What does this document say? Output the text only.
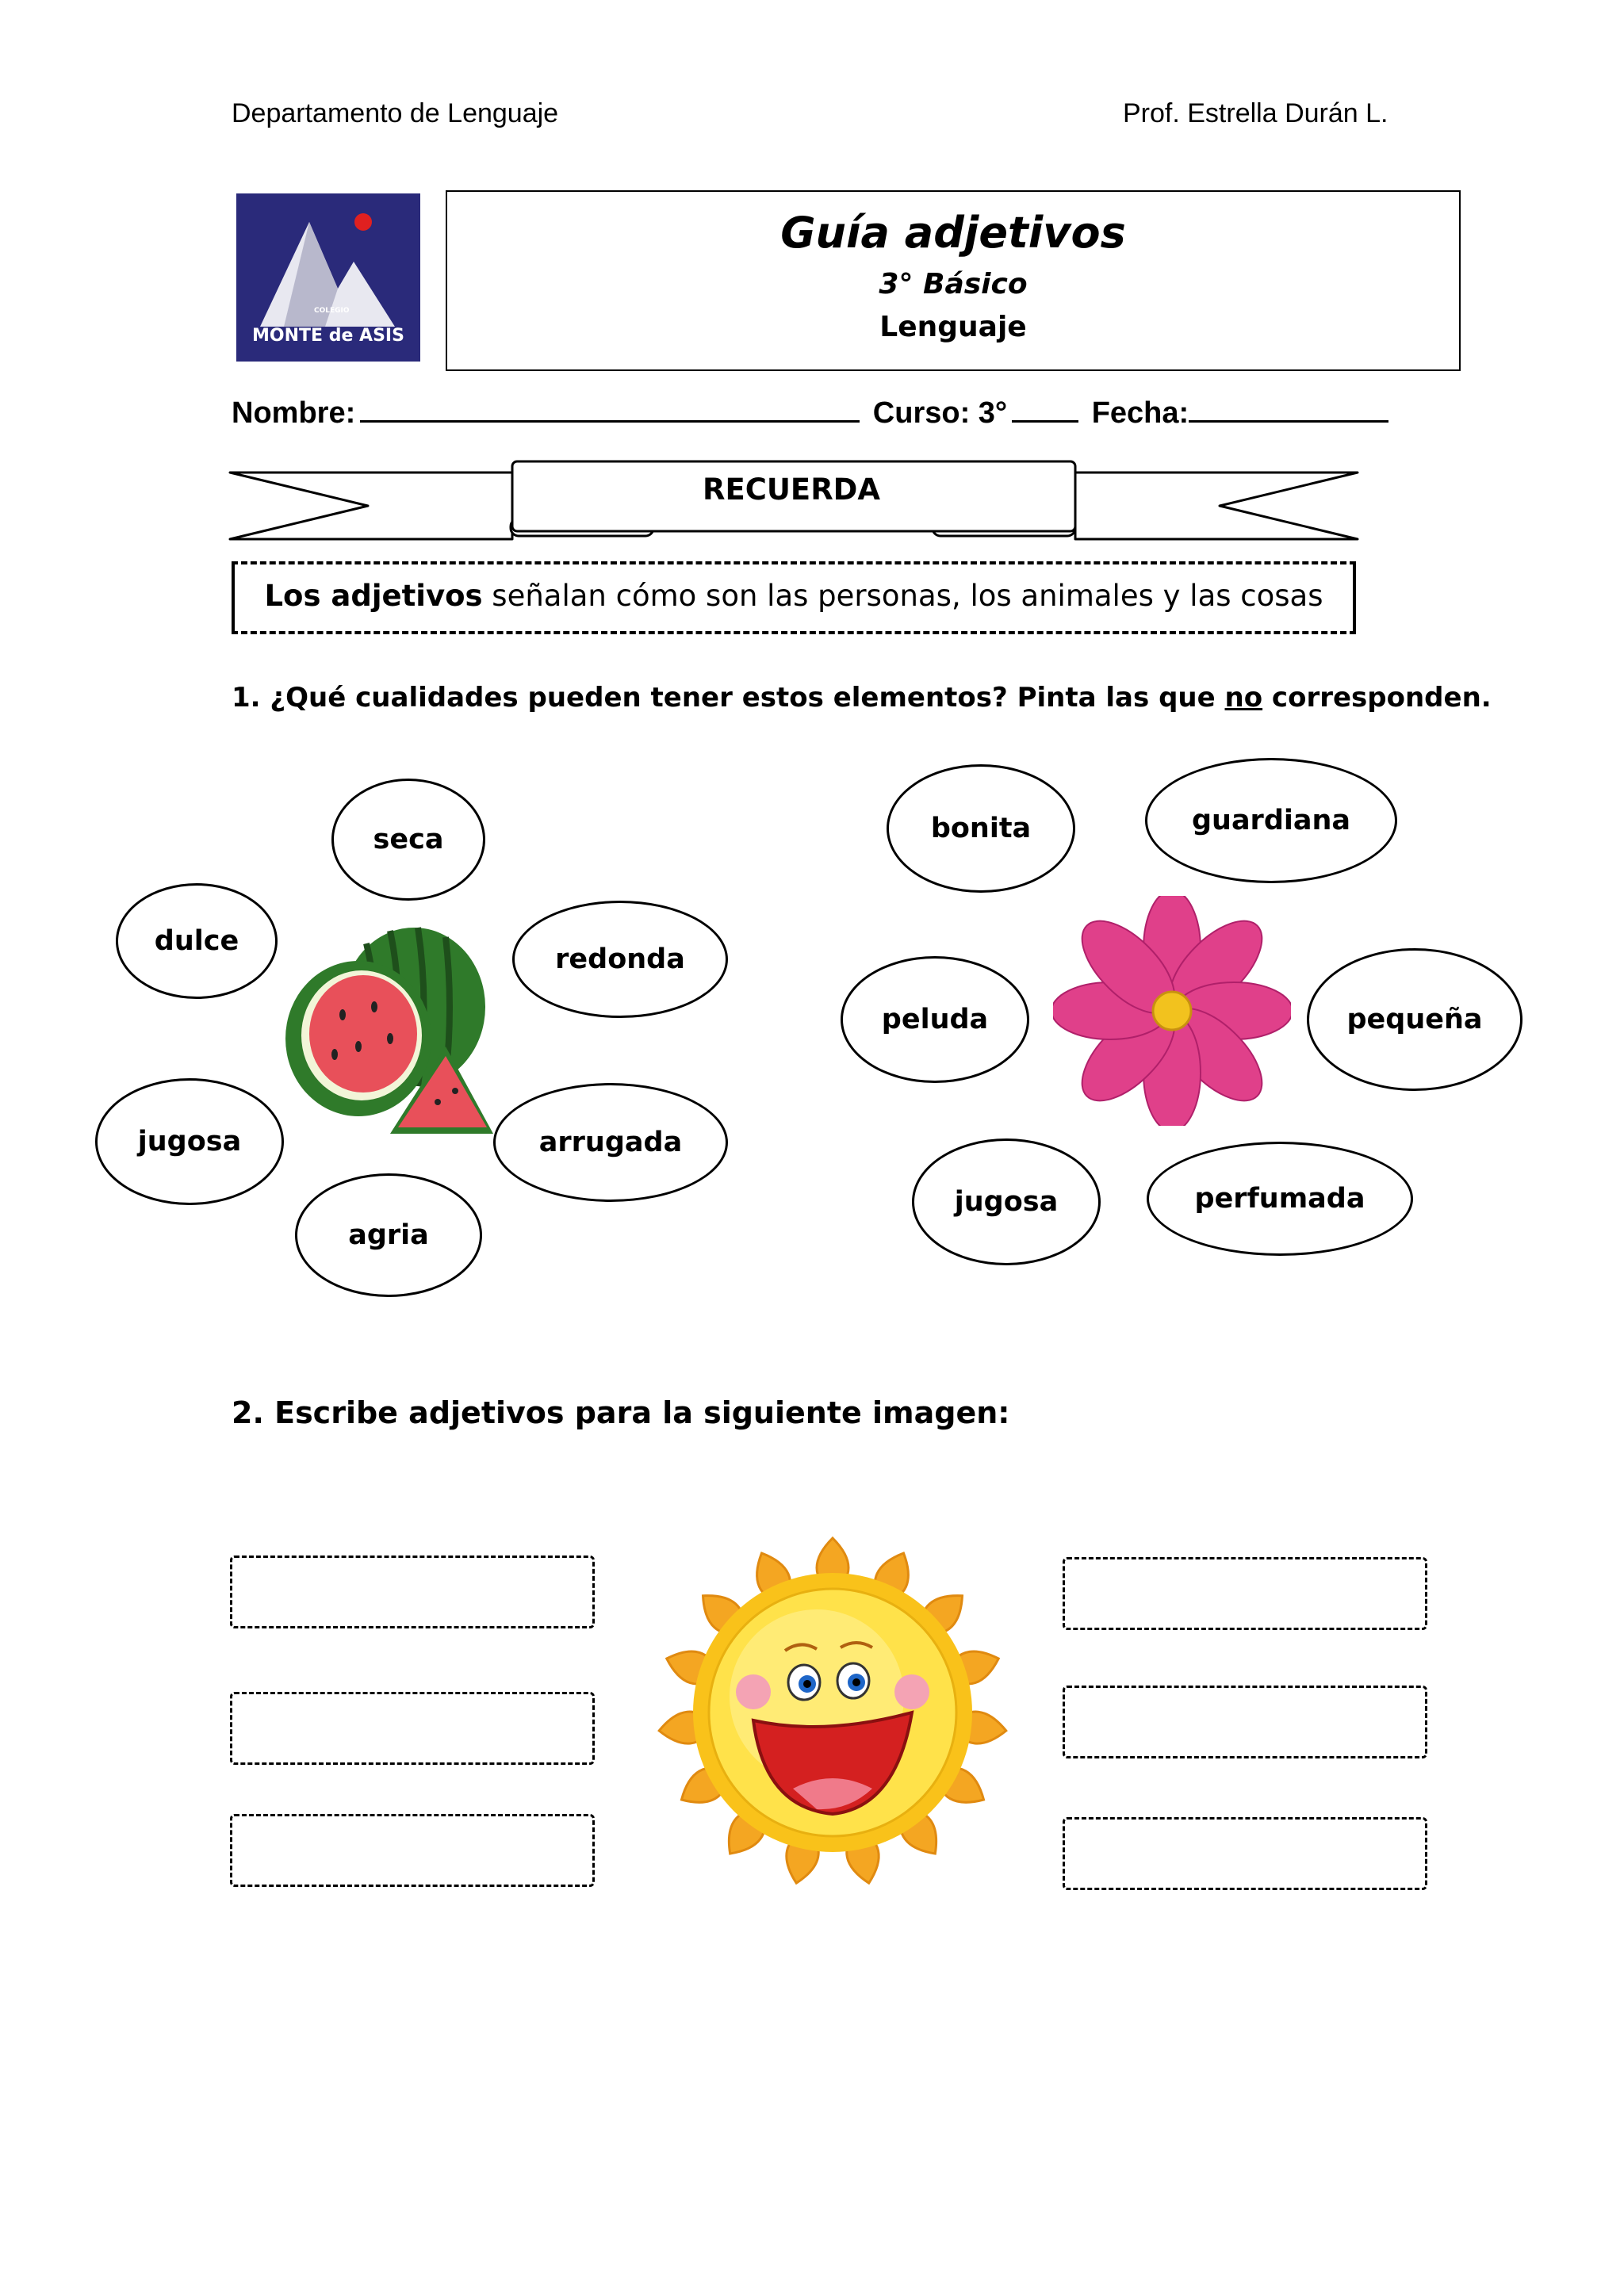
Departamento de Lenguaje	Prof. Estrella Durán L.
COLEGIO
MONTE de ASIS
Guía adjetivos
3° Básico
Lenguaje
Nombre:	Curso: 3°	Fecha:
RECUERDA
Los adjetivos señalan cómo son las personas, los animales y las cosas
1. ¿Qué cualidades pueden tener estos elementos? Pinta las que no corresponden.
seca
dulce
redonda
jugosa	arrugada
agria
bonita	guardiana
peluda	pequeña
jugosa	perfumada
2. Escribe adjetivos para la siguiente imagen:
